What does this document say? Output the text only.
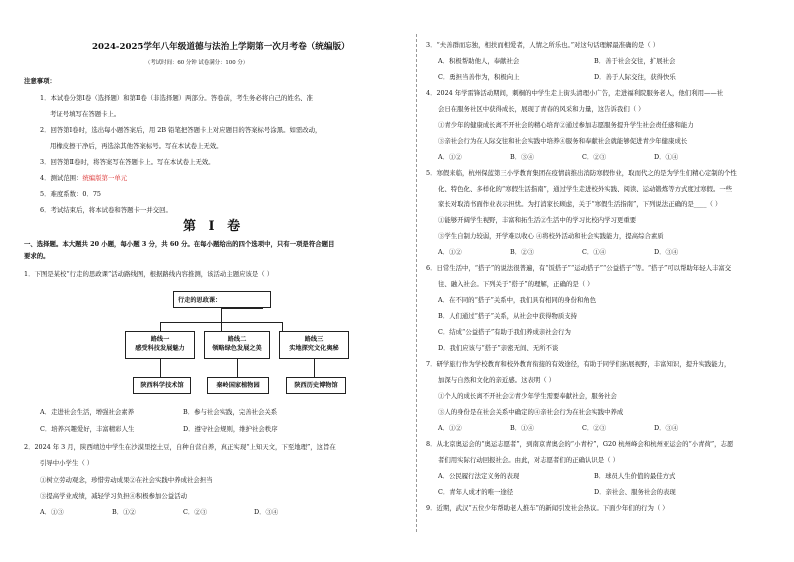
2024-2025学年八年级道德与法治上学期第一次月考卷（统编版）
（考试时间：60 分钟 试卷满分：100 分）
注意事项：
1．本试卷分第Ⅰ卷（选择题）和第Ⅱ卷（非选择题）两部分。答卷前，考生务必将自己的姓名、准
考证号填写在答题卡上。
2．回答第Ⅰ卷时，选出每小题答案后，用 2B 铅笔把答题卡上对应题目的答案标号涂黑。如需改动，
用橡皮擦干净后，再选涂其他答案标号。写在本试卷上无效。
3．回答第Ⅱ卷时，将答案写在答题卡上。写在本试卷上无效。
4．测试范围：统编版第一单元
5．难度系数：0．75
6．考试结束后，将本试卷和答题卡一并交回。
第 Ⅰ 卷
一、选择题。本大题共 20 小题，每小题 3 分，共 60 分。在每小题给出的四个选项中，只有一项是符合题目
要求的。
1．下图是某校“行走的思政课”活动路线图，根据路线内容推测，该活动主题应该是（ ）
行走的思政课：
路线一
感受科技发展魅力
路线二
领略绿色发展之美
路线三
实地探究文化奥秘
陕西科学技术馆	秦岭国家植物园	陕西历史博物馆
A．走进社会生活，增强社会素养	B．参与社会实践，完善社会关系
C．培养兴趣爱好，丰富精彩人生	D．遵守社会规则，维护社会秩序
2．2024 年 3 月，陕西靖边中学生在沙漠里挖土豆，自种自营自养，真正实现“上知天文，下至地理”，这旨在
引导中小学生（ ）
①树立劳动观念，珍惜劳动成果②在社会实践中养成社会担当
③提高学业成绩，减轻学习负担④积极参加公益活动
A．①③	B．①②	C．②③	D．③④
3．“夫善群而忘独，相扶而相爱者，人情之所乐也。”对这句话理解最准确的是（ ）
A．积极帮助他人，奉献社会	B．善于社会交往，扩展社会
C．勇担当善作为，积极向上	D．善于人际交往，获得快乐
4．2024 年学雷锋活动期间，刺桐的中学生走上街头清理小广告，走进福利院服务老人，他们利用——社
会日在服务社区中获得成长，展现了青春的风采和力量，这告诉我们（ ）
①青少年的健康成长离不开社会的精心培育②通过参加志愿服务提升学生社会责任感和能力
③亲社会行为在人际交往和社会实践中培养④服务和奉献社会就能够促进青少年健康成长
A．①②	B．③④	C．②③	D．①④
5．寒假来临，杭州保蓝第三小学教育集团在疫情前推出消防寒假作业，取而代之的是为学生们精心定制的个性
化、特色化、多样化的“寒假生活指南”，通过学生走进校外实践、阅读、运动锻炼等方式度过寒假。一些
家长对取消书面作业表示担忧。为打消家长顾虑，关于“寒假生活指南”，下列说法正确的是____（ ）
①能够开阔学生视野，丰富和拓生活②生活中的学习比校内学习更重要
③学生自制力较弱，开学难以收心 ④将校外活动和社会实践能力，提高综合素质
A．①②	B．②③	C．①④	D．③④
6．日常生活中，“搭子”的说法很普遍，有“饭搭子”“运动搭子”“公益搭子”等。“搭子”可以帮助年轻人丰富交
往、融入社会。下列关于“搭子”的理解，正确的是（ ）
A．在不同的“搭子”关系中，我们具有相同的身份和角色
B．人们通过“搭子”关系，从社会中获得物质支持
C．结成“公益搭子”有助于我们养成亲社会行为
D．我们应该与“搭子”亲密无间、无所不谈
7．研学旅行作为学校教育和校外教育衔接的有效途径，有助于同学们拓展视野，丰富知识，提升实践能力，
加深与自然和文化的亲近感。这表明（ ）
①个人的成长离不开社会②青少年学生需要奉献社会，服务社会
③人的身份是在社会关系中确定的④亲社会行为在社会实践中养成
A．①②	B．①④	C．②③	D．③④
8．从北京奥运会的“奥运志愿者”，到南京青奥会的“小青柠”，G20 杭州峰会和杭州亚运会的“小青荷”，志愿
者们用实际行动回报社会。由此，对志愿者们的正确认识是（ ）
A．公民履行法定义务的表现	B．球员人生价值的最佳方式
C．青年人成才的唯一途径	D．亲社会、服务社会的表现
9．近期，武汉“五位少年帮助老人推车”的新闻引发社会热议。下面少年们的行为（ ）
